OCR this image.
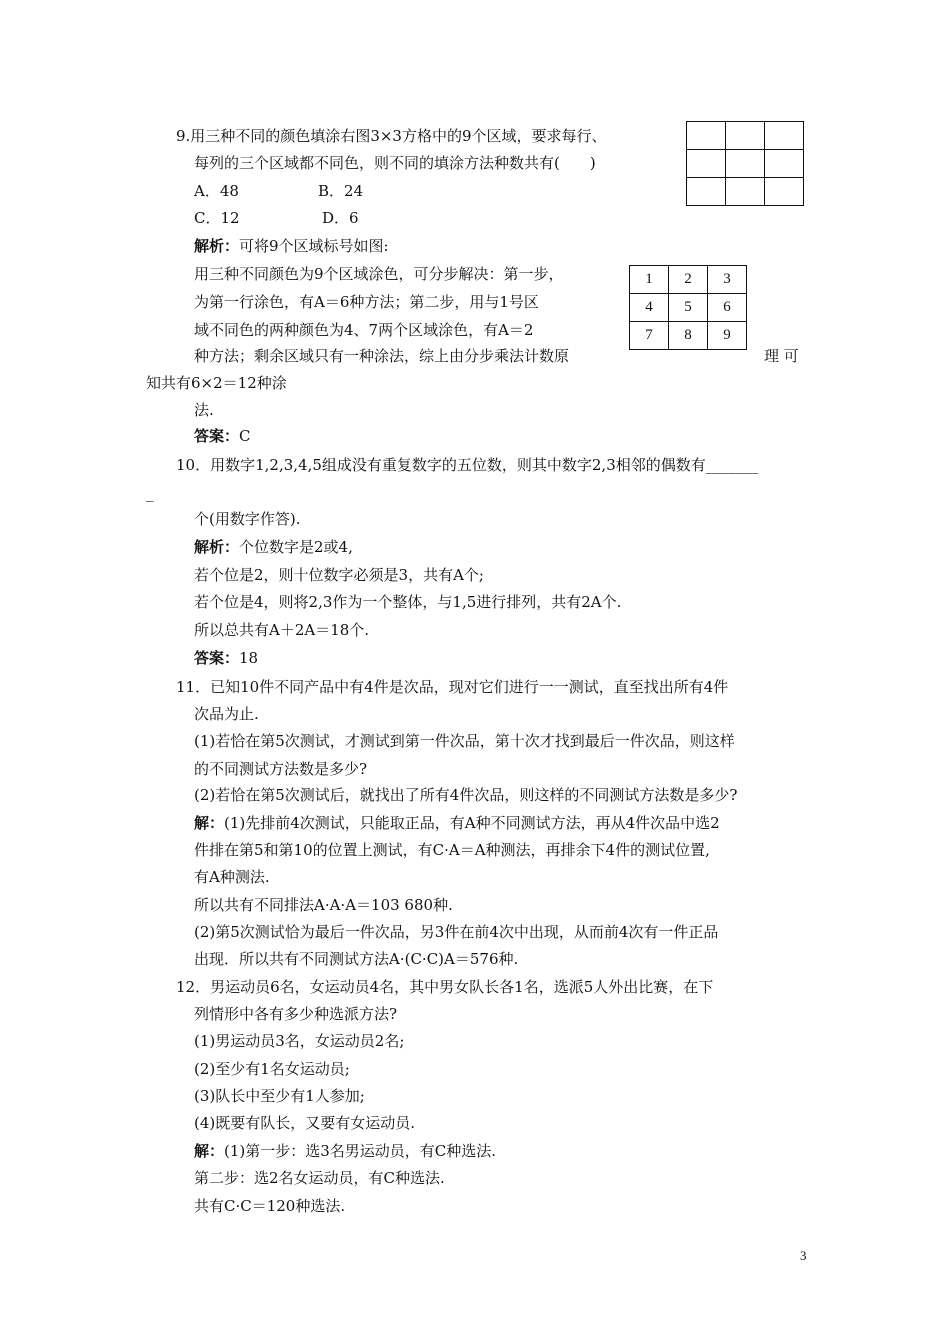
9.用三种不同的颜色填涂右图3×3方格中的9个区域，要求每行、
每列的三个区域都不同色，则不同的填涂方法种数共有(　　)
A．48	B．24
C．12	D．6

解析：可将9个区域标号如图:
用三种不同颜色为9个区域涂色，可分步解决：第一步，
为第一行涂色，有A＝6种方法；第二步，用与1号区
域不同色的两种颜色为4、7两个区域涂色，有A＝2
种方法；剩余区域只有一种涂法，综上由分步乘法计数原	理 可
知共有6×2＝12种涂
法.
1	2	3
4	5	6
7	8	9
答案：C
10．用数字1,2,3,4,5组成没有重复数字的五位数，则其中数字2,3相邻的偶数有_______
_
个(用数字作答).
解析：个位数字是2或4,
若个位是2，则十位数字必须是3，共有A个;
若个位是4，则将2,3作为一个整体，与1,5进行排列，共有2A个.
所以总共有A＋2A＝18个.
答案：18
11．已知10件不同产品中有4件是次品，现对它们进行一一测试，直至找出所有4件
次品为止.
(1)若恰在第5次测试，才测试到第一件次品，第十次才找到最后一件次品，则这样
的不同测试方法数是多少?
(2)若恰在第5次测试后，就找出了所有4件次品，则这样的不同测试方法数是多少?
解：(1)先排前4次测试，只能取正品，有A种不同测试方法，再从4件次品中选2
件排在第5和第10的位置上测试，有C·A＝A种测法，再排余下4件的测试位置,
有A种测法.
所以共有不同排法A·A·A＝103 680种.
(2)第5次测试恰为最后一件次品，另3件在前4次中出现，从而前4次有一件正品
出现．所以共有不同测试方法A·(C·C)A＝576种.
12．男运动员6名，女运动员4名，其中男女队长各1名，选派5人外出比赛，在下
列情形中各有多少种选派方法?
(1)男运动员3名，女运动员2名;
(2)至少有1名女运动员;
(3)队长中至少有1人参加;
(4)既要有队长，又要有女运动员.
解：(1)第一步：选3名男运动员，有C种选法.
第二步：选2名女运动员，有C种选法.
共有C·C＝120种选法.
3
